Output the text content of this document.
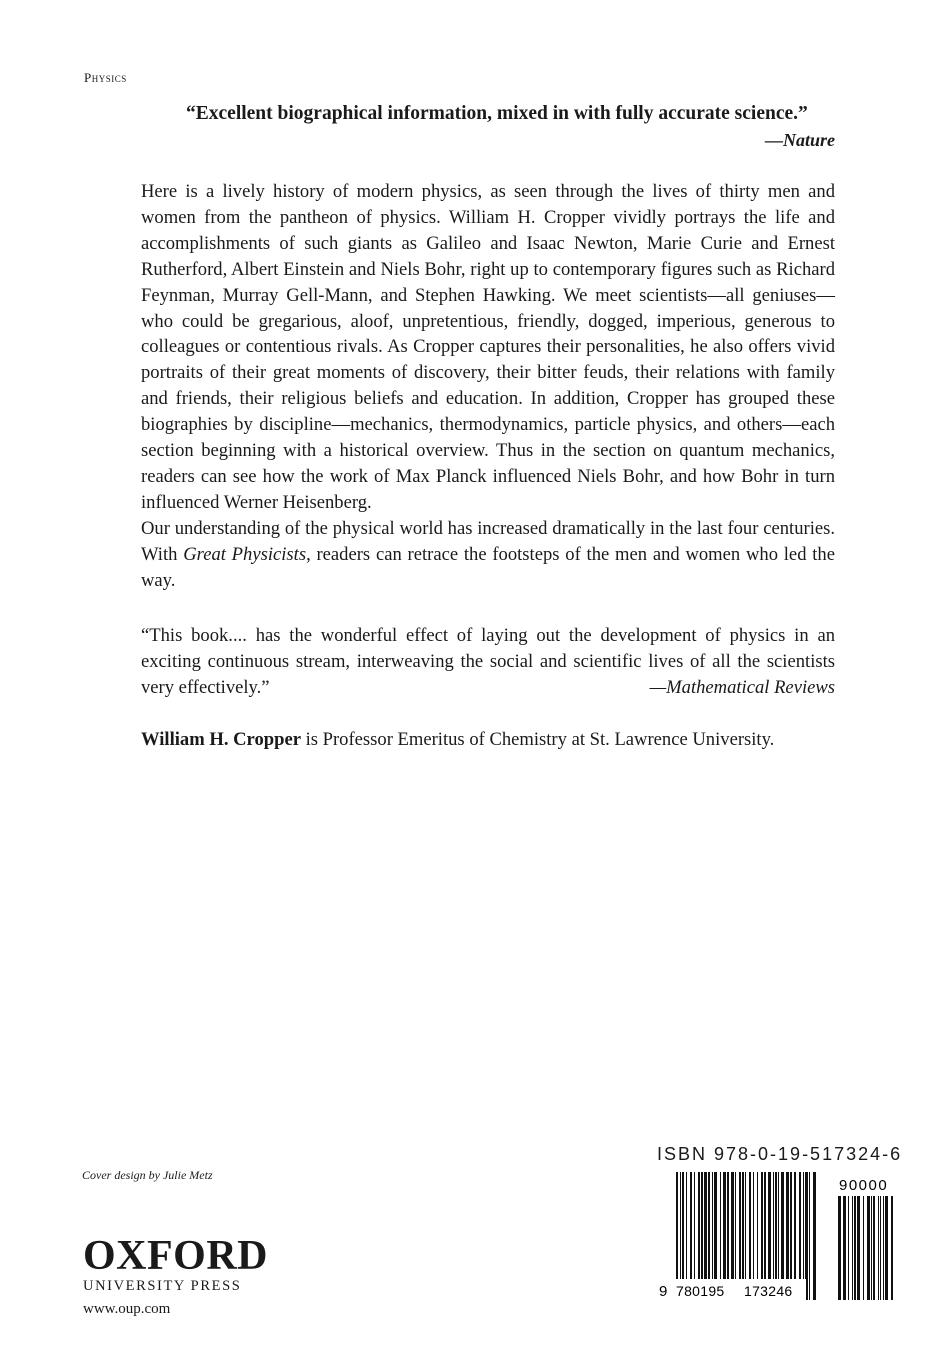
Physics
“Excellent biographical information, mixed in with fully accurate science.”
—Nature

Here is a lively history of modern physics, as seen through the lives of thirty men and women from the pantheon of physics. William H. Cropper vividly portrays the life and accomplishments of such giants as Galileo and Isaac Newton, Marie Curie and Ernest Rutherford, Albert Einstein and Niels Bohr, right up to contemporary figures such as Richard Feynman, Murray Gell-Mann, and Stephen Hawking. We meet scientists—all geniuses—who could be gregarious, aloof, unpretentious, friendly, dogged, imperious, generous to colleagues or contentious rivals. As Cropper captures their personalities, he also offers vivid portraits of their great moments of discovery, their bitter feuds, their relations with family and friends, their religious beliefs and education. In addition, Cropper has grouped these biographies by discipline—mechanics, thermodynamics, particle physics, and others—each section beginning with a historical overview. Thus in the section on quantum mechanics, readers can see how the work of Max Planck influenced Niels Bohr, and how Bohr in turn influenced Werner Heisenberg.

Our understanding of the physical world has increased dramatically in the last four centuries. With Great Physicists, readers can retrace the footsteps of the men and women who led the way.

“This book.... has the wonderful effect of laying out the development of physics in an exciting continuous stream, interweaving the social and scientific lives of all the scientists very effectively.”	—Mathematical Reviews
William H. Cropper is Professor Emeritus of Chemistry at St. Lawrence University.
Cover design by Julie Metz
OXFORD
UNIVERSITY PRESS
www.oup.com
ISBN 978-0-19-517324-6
9 780195 173246
90000
